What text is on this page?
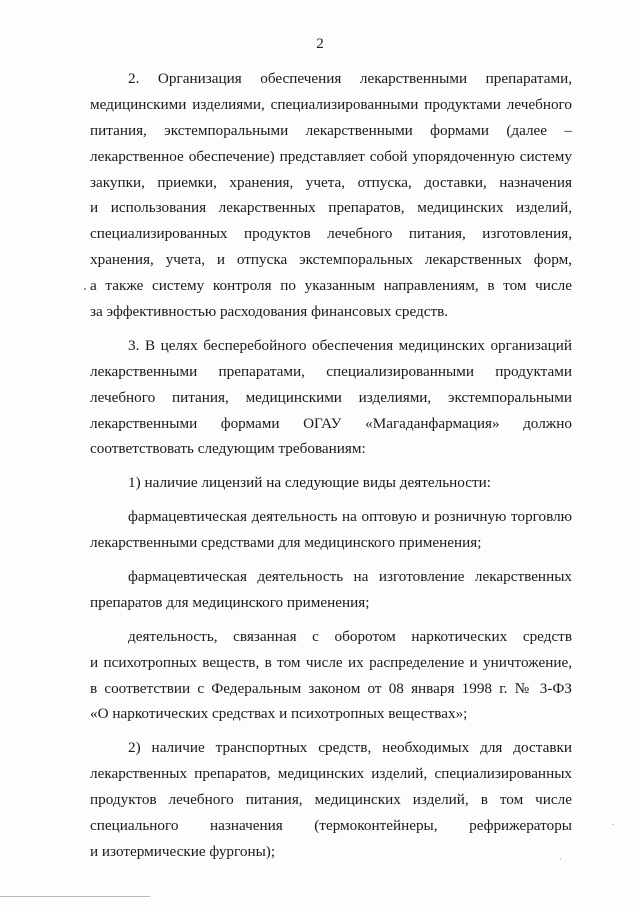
2
2. Организация обеспечения лекарственными препаратами,
медицинскими изделиями, специализированными продуктами лечебного
питания, экстемпоральными лекарственными формами (далее –
лекарственное обеспечение) представляет собой упорядоченную систему
закупки, приемки, хранения, учета, отпуска, доставки, назначения
и использования лекарственных препаратов, медицинских изделий,
специализированных продуктов лечебного питания, изготовления,
хранения, учета, и отпуска экстемпоральных лекарственных форм,
а также систему контроля по указанным направлениям, в том числе
за эффективностью расходования финансовых средств.
3. В целях бесперебойного обеспечения медицинских организаций
лекарственными препаратами, специализированными продуктами
лечебного питания, медицинскими изделиями, экстемпоральными
лекарственными формами ОГАУ «Магаданфармация» должно
соответствовать следующим требованиям:
1) наличие лицензий на следующие виды деятельности:
фармацевтическая деятельность на оптовую и розничную торговлю
лекарственными средствами для медицинского применения;
фармацевтическая деятельность на изготовление лекарственных
препаратов для медицинского применения;
деятельность, связанная с оборотом наркотических средств
и психотропных веществ, в том числе их распределение и уничтожение,
в соответствии с Федеральным законом от 08 января 1998 г. № 3-ФЗ
«О наркотических средствах и психотропных веществах»;
2) наличие транспортных средств, необходимых для доставки
лекарственных препаратов, медицинских изделий, специализированных
продуктов лечебного питания, медицинских изделий, в том числе
специального назначения (термоконтейнеры, рефрижераторы
и изотермические фургоны);
